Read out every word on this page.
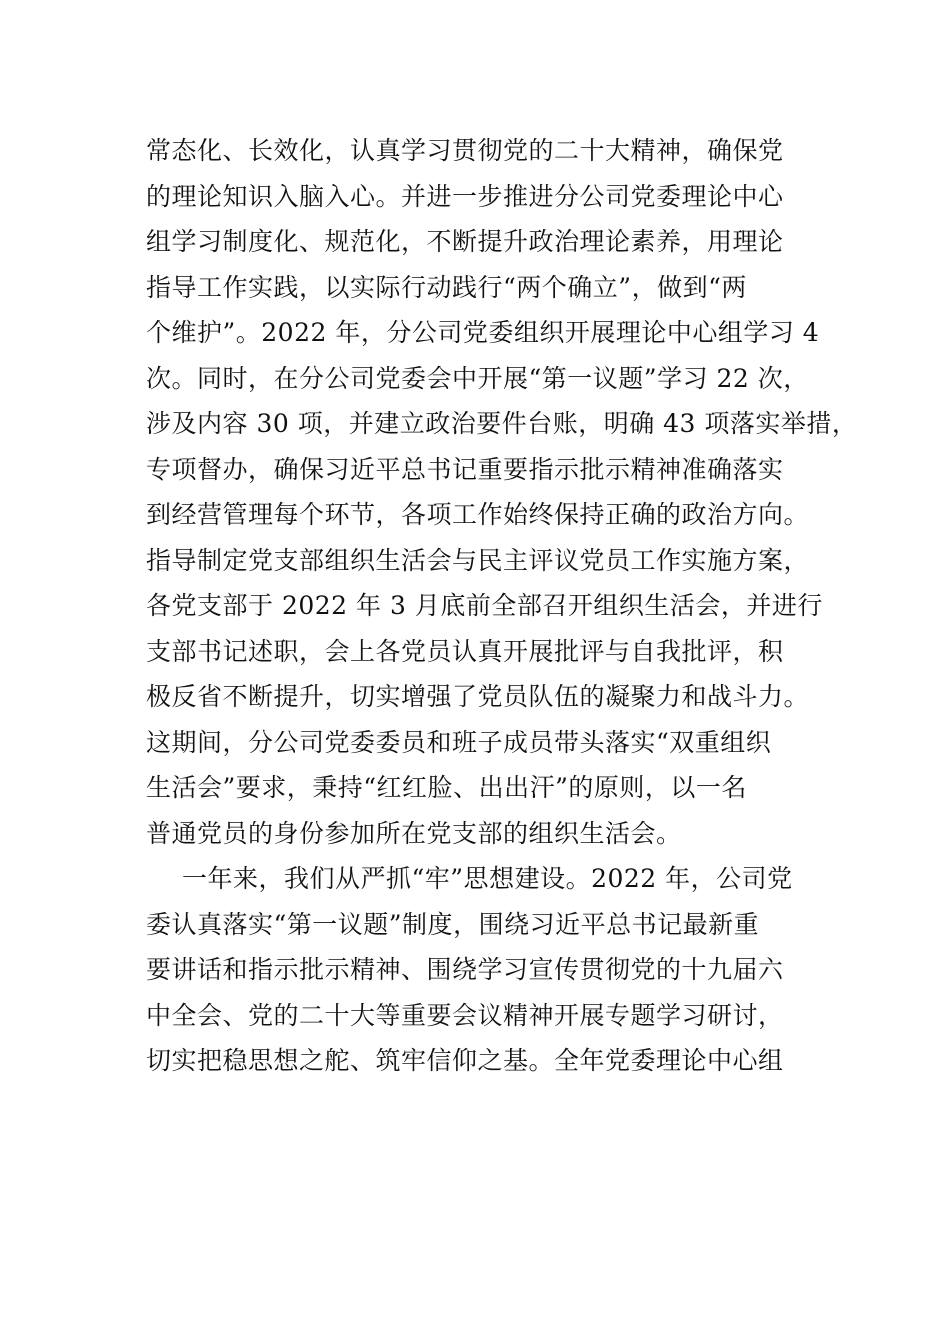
常态化、长效化，认真学习贯彻党的二十大精神，确保党
的理论知识入脑入心。并进一步推进分公司党委理论中心
组学习制度化、规范化，不断提升政治理论素养，用理论
指导工作实践，以实际行动践行“两个确立”，做到“两
个维护”。2022 年，分公司党委组织开展理论中心组学习 4
次。同时，在分公司党委会中开展“第一议题”学习 22 次，
涉及内容 30 项，并建立政治要件台账，明确 43 项落实举措，
专项督办，确保习近平总书记重要指示批示精神准确落实
到经营管理每个环节，各项工作始终保持正确的政治方向。
指导制定党支部组织生活会与民主评议党员工作实施方案，
各党支部于 2022 年 3 月底前全部召开组织生活会，并进行
支部书记述职，会上各党员认真开展批评与自我批评，积
极反省不断提升，切实增强了党员队伍的凝聚力和战斗力。
这期间，分公司党委委员和班子成员带头落实“双重组织
生活会”要求，秉持“红红脸、出出汗”的原则，以一名
普通党员的身份参加所在党支部的组织生活会。
一年来，我们从严抓“牢”思想建设。2022 年，公司党
委认真落实“第一议题”制度，围绕习近平总书记最新重
要讲话和指示批示精神、围绕学习宣传贯彻党的十九届六
中全会、党的二十大等重要会议精神开展专题学习研讨，
切实把稳思想之舵、筑牢信仰之基。全年党委理论中心组
